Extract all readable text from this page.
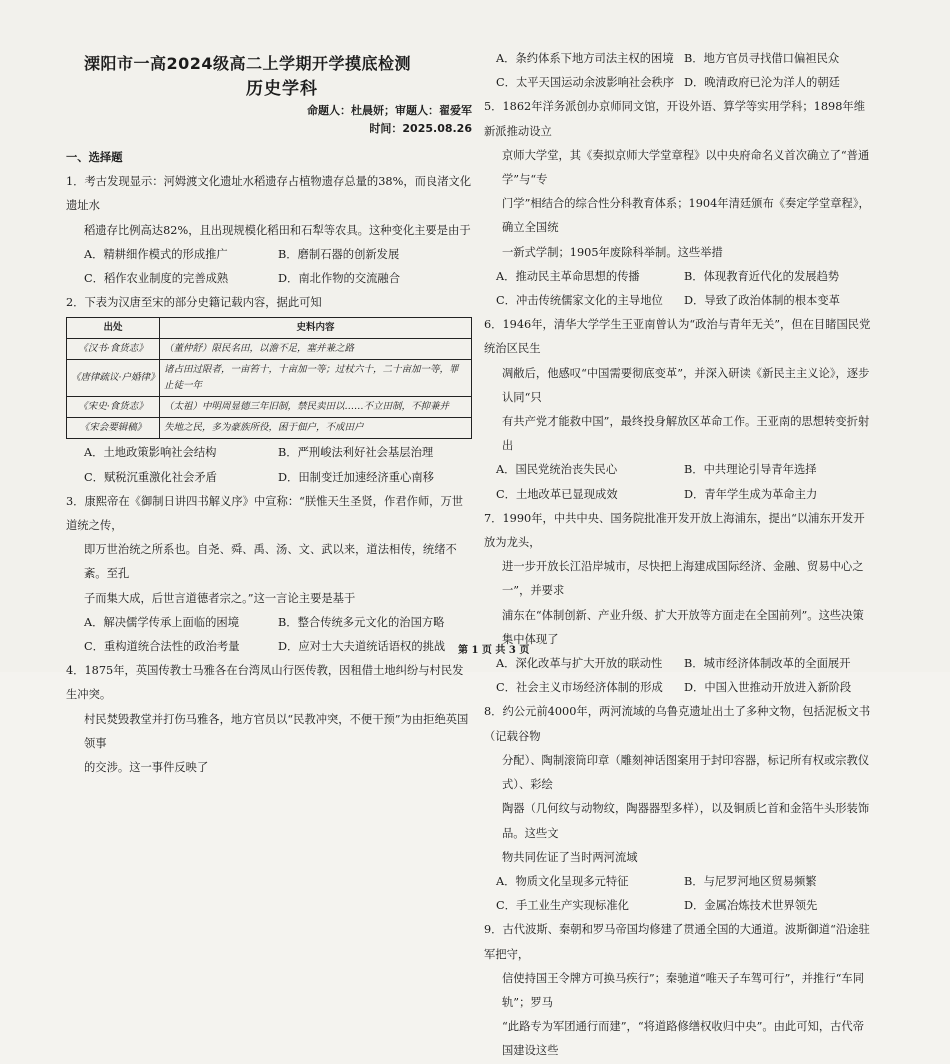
溧阳市一高2024级高二上学期开学摸底检测
历史学科
命题人：杜晨妍；审题人：翟爱军
时间：2025.08.26
一、选择题
1．考古发现显示：河姆渡文化遗址水稻遗存占植物遗存总量的38%，而良渚文化遗址水
稻遗存比例高达82%，且出现规模化稻田和石犁等农具。这种变化主要是由于
A．精耕细作模式的形成推广	B．磨制石器的创新发展
C．稻作农业制度的完善成熟	D．南北作物的交流融合
2．下表为汉唐至宋的部分史籍记载内容，据此可知
出处	史料内容
《汉书·食货志》	（董仲舒）限民名田，以澹不足，塞并兼之路
《唐律疏议·户婚律》	诸占田过限者，一亩笞十，十亩加一等；过杖六十，二十亩加一等，罪止徒一年
《宋史·食货志》	（太祖）中明周显德三年旧制，禁民卖田以……不立田制，不抑兼并
《宋会要辑稿》	失地之民，多为豪族所役，困于佃户，不成田户
A．土地政策影响社会结构	B．严刑峻法利好社会基层治理
C．赋税沉重激化社会矛盾	D．田制变迁加速经济重心南移
3．康熙帝在《御制日讲四书解义序》中宣称：“朕惟天生圣贤，作君作师，万世道统之传，
即万世治统之所系也。自尧、舜、禹、汤、文、武以来，道法相传，统绪不紊。至孔
子而集大成，后世言道德者宗之。”这一言论主要是基于
A．解决儒学传承上面临的困境	B．整合传统多元文化的治国方略
C．重构道统合法性的政治考量	D．应对士大夫道统话语权的挑战
4．1875年，英国传教士马雅各在台湾凤山行医传教，因租借土地纠纷与村民发生冲突。
村民焚毁教堂并打伤马雅各，地方官员以“民教冲突，不便干预”为由拒绝英国领事
的交涉。这一事件反映了
A．条约体系下地方司法主权的困境 B．地方官员寻找借口偏袒民众
C．太平天国运动余波影响社会秩序 D．晚清政府已沦为洋人的朝廷
5．1862年洋务派创办京师同文馆，开设外语、算学等实用学科；1898年维新派推动设立
京师大学堂，其《奏拟京师大学堂章程》以中央府命名义首次确立了“普通学”与“专
门学”相结合的综合性分科教育体系；1904年清廷颁布《奏定学堂章程》，确立全国统
一新式学制；1905年废除科举制。这些举措
A．推动民主革命思想的传播	B．体现教育近代化的发展趋势
C．冲击传统儒家文化的主导地位	D．导致了政治体制的根本变革
6．1946年，清华大学学生王亚南曾认为“政治与青年无关”，但在目睹国民党统治区民生
凋敝后，他感叹“中国需要彻底变革”，并深入研读《新民主主义论》，逐步认同“只
有共产党才能救中国”，最终投身解放区革命工作。王亚南的思想转变折射出
A．国民党统治丧失民心	B．中共理论引导青年选择
C．土地改革已显现成效	D．青年学生成为革命主力
7．1990年，中共中央、国务院批准开发开放上海浦东，提出“以浦东开发开放为龙头，
进一步开放长江沿岸城市，尽快把上海建成国际经济、金融、贸易中心之一”，并要求
浦东在“体制创新、产业升级、扩大开放等方面走在全国前列”。这些决策集中体现了
A．深化改革与扩大开放的联动性	B．城市经济体制改革的全面展开
C．社会主义市场经济体制的形成	D．中国入世推动开放进入新阶段
8．约公元前4000年，两河流域的乌鲁克遗址出土了多种文物，包括泥板文书（记载谷物
分配）、陶制滚筒印章（雕刻神话图案用于封印容器，标记所有权或宗教仪式）、彩绘
陶器（几何纹与动物纹，陶器器型多样），以及铜质匕首和金箔牛头形装饰品。这些文
物共同佐证了当时两河流域
A．物质文化呈现多元特征	B．与尼罗河地区贸易频繁
C．手工业生产实现标准化	D．金属冶炼技术世界领先
9．古代波斯、秦朝和罗马帝国均修建了贯通全国的大通道。波斯御道“沿途驻军把守，
信使持国王令牌方可换马疾行”；秦驰道“唯天子车驾可行”，并推行“车同轨”；罗马
“此路专为军团通行而建”，“将道路修缮权收归中央”。由此可知，古代帝国建设这些
第 1 页 共 3 页
